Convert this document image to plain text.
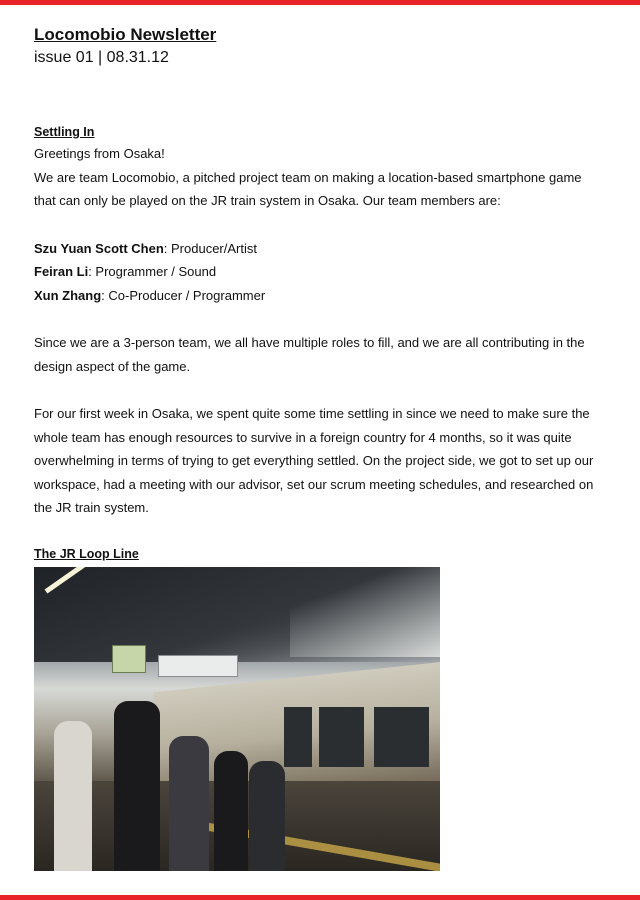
Locomobio Newsletter
issue 01 | 08.31.12
Settling In

Greetings from Osaka!

We are team Locomobio, a pitched project team on making a location-based smartphone game that can only be played on the JR train system in Osaka. Our team members are:

Szu Yuan Scott Chen: Producer/Artist

Feiran Li: Programmer / Sound

Xun Zhang: Co-Producer / Programmer

Since we are a 3-person team, we all have multiple roles to fill, and we are all contributing in the design aspect of the game.

For our first week in Osaka, we spent quite some time settling in since we need to make sure the whole team has enough resources to survive in a foreign country for 4 months, so it was quite overwhelming in terms of trying to get everything settled. On the project side, we got to set up our workspace, had a meeting with our advisor, set our scrum meeting schedules, and researched on the JR train system.

The JR Loop Line
